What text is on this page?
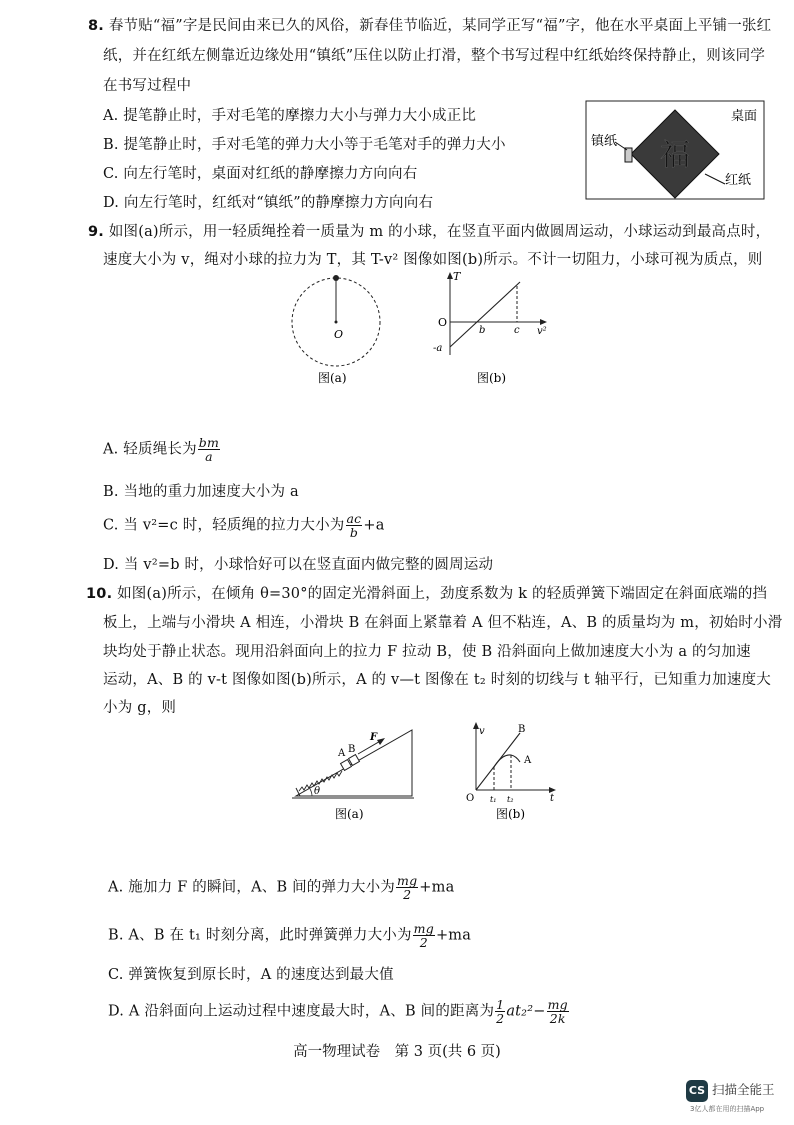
8. 春节贴“福”字是民间由来已久的风俗，新春佳节临近，某同学正写“福”字，他在水平桌面上平铺一张红
纸，并在红纸左侧靠近边缘处用“镇纸”压住以防止打滑，整个书写过程中红纸始终保持静止，则该同学
在书写过程中
A. 提笔静止时，手对毛笔的摩擦力大小与弹力大小成正比
B. 提笔静止时，手对毛笔的弹力大小等于毛笔对手的弹力大小
C. 向左行笔时，桌面对红纸的静摩擦力方向向右
D. 向左行笔时，红纸对“镇纸”的静摩擦力方向向右
福
桌面
镇纸
红纸
9. 如图(a)所示，用一轻质绳拴着一质量为 m 的小球，在竖直平面内做圆周运动，小球运动到最高点时，
速度大小为 v，绳对小球的拉力为 T，其 T-v² 图像如图(b)所示。不计一切阻力，小球可视为质点，则
O
图(a)
T
v²
O
-a
b	c
图(b)
A. 轻质绳长为 $\frac{bm}{a}$
B. 当地的重力加速度大小为 a
C. 当 v²=c 时，轻质绳的拉力大小为 $\frac{ac}{b} +a$
D. 当 v²=b 时，小球恰好可以在竖直面内做完整的圆周运动
10. 如图(a)所示，在倾角 θ=30°的固定光滑斜面上，劲度系数为 k 的轻质弹簧下端固定在斜面底端的挡
板上，上端与小滑块 A 相连，小滑块 B 在斜面上紧靠着 A 但不粘连，A、B 的质量均为 m，初始时小滑
块均处于静止状态。现用沿斜面向上的拉力 F 拉动 B，使 B 沿斜面向上做加速度大小为 a 的匀加速
运动，A、B 的 v-t 图像如图(b)所示，A 的 v—t 图像在 t₂ 时刻的切线与 t 轴平行，已知重力加速度大
小为 g，则
θ
A B
F
图(a)
v
t
O
B
A
t₁ t₂
图(b)
A. 施加力 F 的瞬间，A、B 间的弹力大小为 $\frac{mg}{2} +ma$
B. A、B 在 t₁ 时刻分离，此时弹簧弹力大小为 $\frac{mg}{2} +ma$
C. 弹簧恢复到原长时，A 的速度达到最大值
D. A 沿斜面向上运动过程中速度最大时，A、B 间的距离为 $\frac{1}{2} at_2^2- \frac{mg}{2k}$
高一物理试卷　第 3 页(共 6 页)
CS 扫描全能王
3亿人都在用的扫描App
